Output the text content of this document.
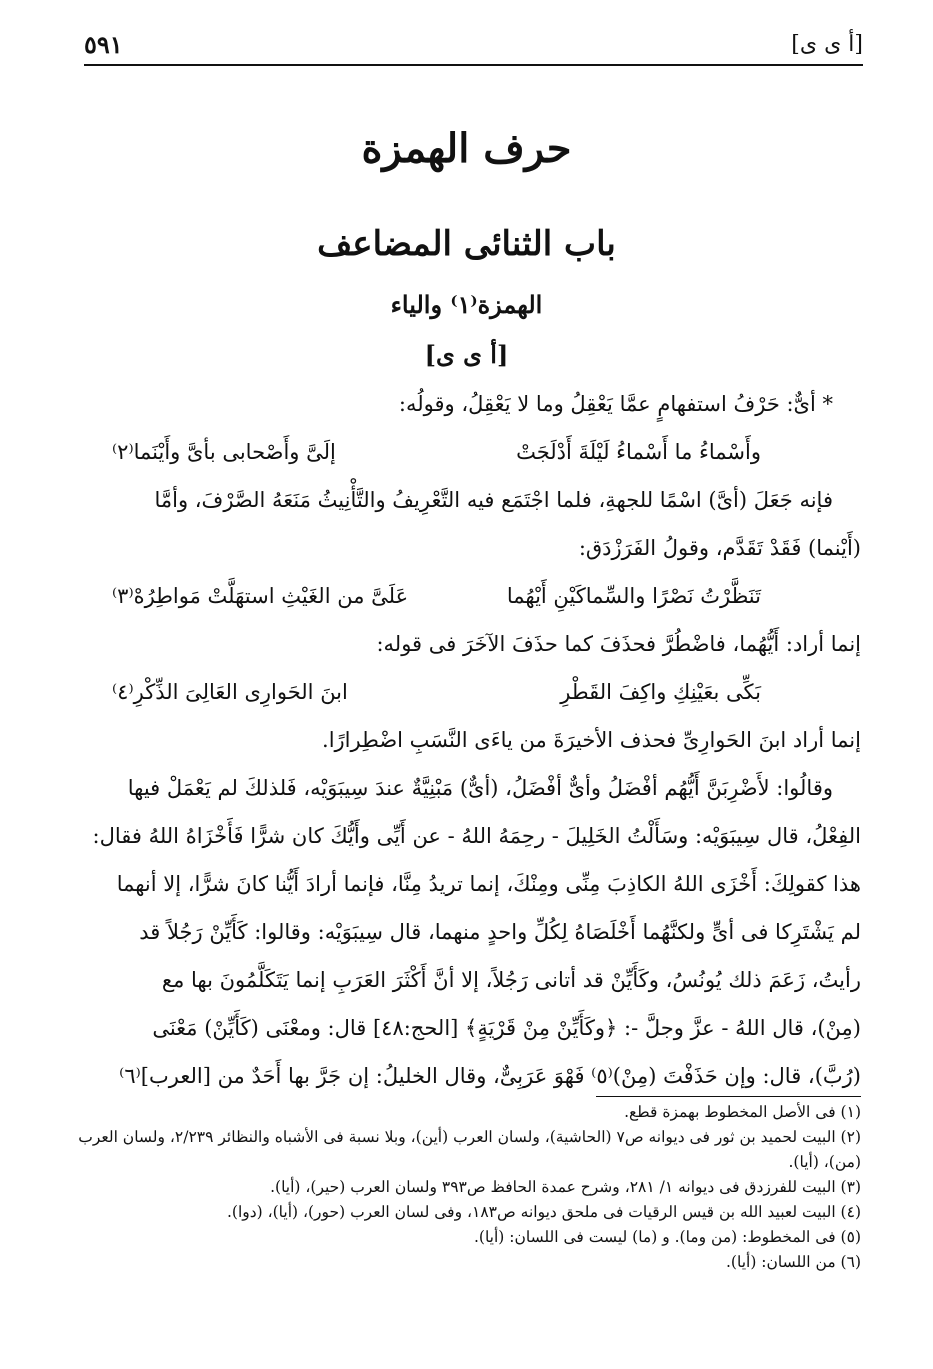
[أ ى ى]
٥٩١
حرف الهمزة
باب الثنائى المضاعف
الهمزة⁽١⁾ والياء
[أ ى ى]
* أىٌّ: حَرْفُ استفهامٍ عمَّا يَعْقِلُ وما لا يَعْقِلُ، وقولُه:
وأَسْماءُ ما أَسْماءُ لَيْلَةَ أَدْلَجَتْ
إلَىَّ وأَصْحابى بأىَّ وأَيْنَما⁽٢⁾
فإنه جَعَلَ (أىَّ) اسْمًا للجهةِ، فلما اجْتَمَع فيه التَّعْرِيفُ والتَّأْنِيثُ مَنَعَهُ الصَّرْفَ، وأمَّا
(أَيْنما) فَقَدْ تَقَدَّم، وقولُ الفَرَزْدَق:
تَنَظَّرْتُ نَصْرًا والسِّماكَيْنِ أَيْهُما
عَلَىَّ من الغَيْثِ استهَلَّتْ مَواطِرُهْ⁽٣⁾
إنما أراد: أَيُّهُما، فاضْطُرَّ فحذَفَ كما حذَفَ الآخَرَ فى قوله:
بَكِّى بعَيْنِكِ واكِفَ القَطْرِ
ابنَ الحَوارِى العَالِىَ الذِّكْرِ⁽٤⁾
إنما أراد ابنَ الحَوارِىِّ فحذف الأخيرَةَ من ياءَى النَّسَبِ اضْطِرارًا.
وقالُوا: لأَضْرِبَنَّ أَيُّهُم أفْضَلُ وأىٌّ أفْضَلُ، (أىٌّ) مَبْنِيَّةٌ عندَ سِيبَوَيْه، فَلذلكَ لم يَعْمَلْ فيها
الفِعْلُ، قال سِيبَوَيْه: وسَأَلْتُ الخَلِيلَ - رحِمَهُ اللهُ - عن أَيِّى وأَيُّكَ كان شرًّا فَأَخْزَاهُ اللهُ فقال:
هذا كقولِكَ: أَخْزَى اللهُ الكاذِبَ مِنِّى ومِنْكَ، إنما تريدُ مِنَّا، فإنما أرادَ أَيُّنا كانَ شرًّا، إلا أنهما
لم يَشْتَرِكا فى أىٍّ ولكنَّهُما أَخْلَصَاهُ لِكُلِّ واحدٍ منهما، قال سِيبَوَيْه: وقالوا: كَأَيِّنْ رَجُلاً قد
رأيتُ، زَعَمَ ذلك يُونُسُ، وكَأَيِّنْ قد أتانى رَجُلاً، إلا أنَّ أَكْثَرَ العَرَبِ إنما يَتَكَلَّمُونَ بها مع
(مِنْ)، قال اللهُ - عزَّ وجلَّ -: ﴿وكَأَيِّنْ مِنْ قَرْيَةٍ﴾ [الحج:٤٨] قال: ومعْنَى (كَأَيِّنْ) مَعْنَى
(رُبَّ)، قال: وإن حَذَفْتَ (مِنْ)⁽٥⁾ فَهْوَ عَرَبِىٌّ، وقال الخليلُ: إن جَرَّ بها أَحَدٌ من [العرب]⁽٦⁾
(١) فى الأصل المخطوط بهمزة قطع.
(٢) البيت لحميد بن ثور فى ديوانه ص٧ (الحاشية)، ولسان العرب (أين)، وبلا نسبة فى الأشباه والنظائر ٢/٢٣٩، ولسان العرب (من)، (أيا).
(٣) البيت للفرزدق فى ديوانه ١/ ٢٨١، وشرح عمدة الحافظ ص٣٩٣ ولسان العرب (حير)، (أيا).
(٤) البيت لعبيد الله بن قيس الرقيات فى ملحق ديوانه ص١٨٣، وفى لسان العرب (حور)، (أيا)، (دوا).
(٥) فى المخطوط: (من وما). و (ما) ليست فى اللسان: (أيا).
(٦) من اللسان: (أيا).
